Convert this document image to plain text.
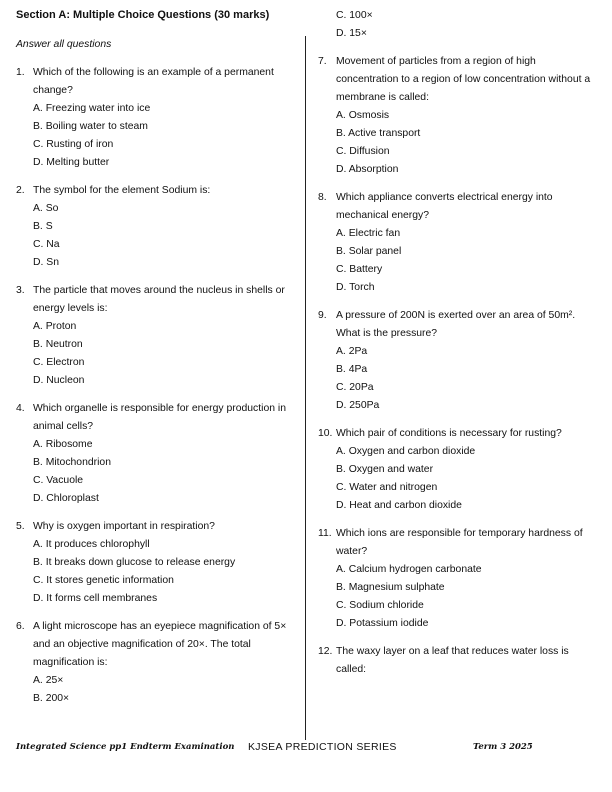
Section A: Multiple Choice Questions (30 marks)
Answer all questions
1. Which of the following is an example of a permanent change?
A. Freezing water into ice
B. Boiling water to steam
C. Rusting of iron
D. Melting butter
2. The symbol for the element Sodium is:
A. So
B. S
C. Na
D. Sn
3. The particle that moves around the nucleus in shells or energy levels is:
A. Proton
B. Neutron
C. Electron
D. Nucleon
4. Which organelle is responsible for energy production in animal cells?
A. Ribosome
B. Mitochondrion
C. Vacuole
D. Chloroplast
5. Why is oxygen important in respiration?
A. It produces chlorophyll
B. It breaks down glucose to release energy
C. It stores genetic information
D. It forms cell membranes
6. A light microscope has an eyepiece magnification of 5× and an objective magnification of 20×. The total magnification is:
A. 25×
B. 200×
C. 100×
D. 15×
7. Movement of particles from a region of high concentration to a region of low concentration without a membrane is called:
A. Osmosis
B. Active transport
C. Diffusion
D. Absorption
8. Which appliance converts electrical energy into mechanical energy?
A. Electric fan
B. Solar panel
C. Battery
D. Torch
9. A pressure of 200N is exerted over an area of 50m². What is the pressure?
A. 2Pa
B. 4Pa
C. 20Pa
D. 250Pa
10. Which pair of conditions is necessary for rusting?
A. Oxygen and carbon dioxide
B. Oxygen and water
C. Water and nitrogen
D. Heat and carbon dioxide
11. Which ions are responsible for temporary hardness of water?
A. Calcium hydrogen carbonate
B. Magnesium sulphate
C. Sodium chloride
D. Potassium iodide
12. The waxy layer on a leaf that reduces water loss is called:
Integrated Science pp1 Endterm Examination KJSEA PREDICTION SERIES	Term 3 2025
